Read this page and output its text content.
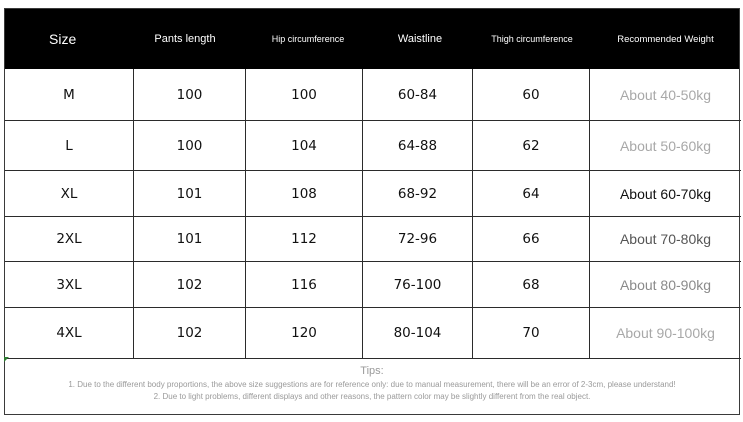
Size	Pants length	Hip circumference	Waistline	Thigh circumference	Recommended Weight
M	100	100	60-84	60	About 40-50kg
L	100	104	64-88	62	About 50-60kg
XL	101	108	68-92	64	About 60-70kg
2XL	101	112	72-96	66	About 70-80kg
3XL	102	116	76-100	68	About 80-90kg
4XL	102	120	80-104	70	About 90-100kg
Tips:
1. Due to the different body proportions, the above size suggestions are for reference only: due to manual measurement, there will be an error of 2-3cm, please understand!
2. Due to light problems, different displays and other reasons, the pattern color may be slightly different from the real object.
